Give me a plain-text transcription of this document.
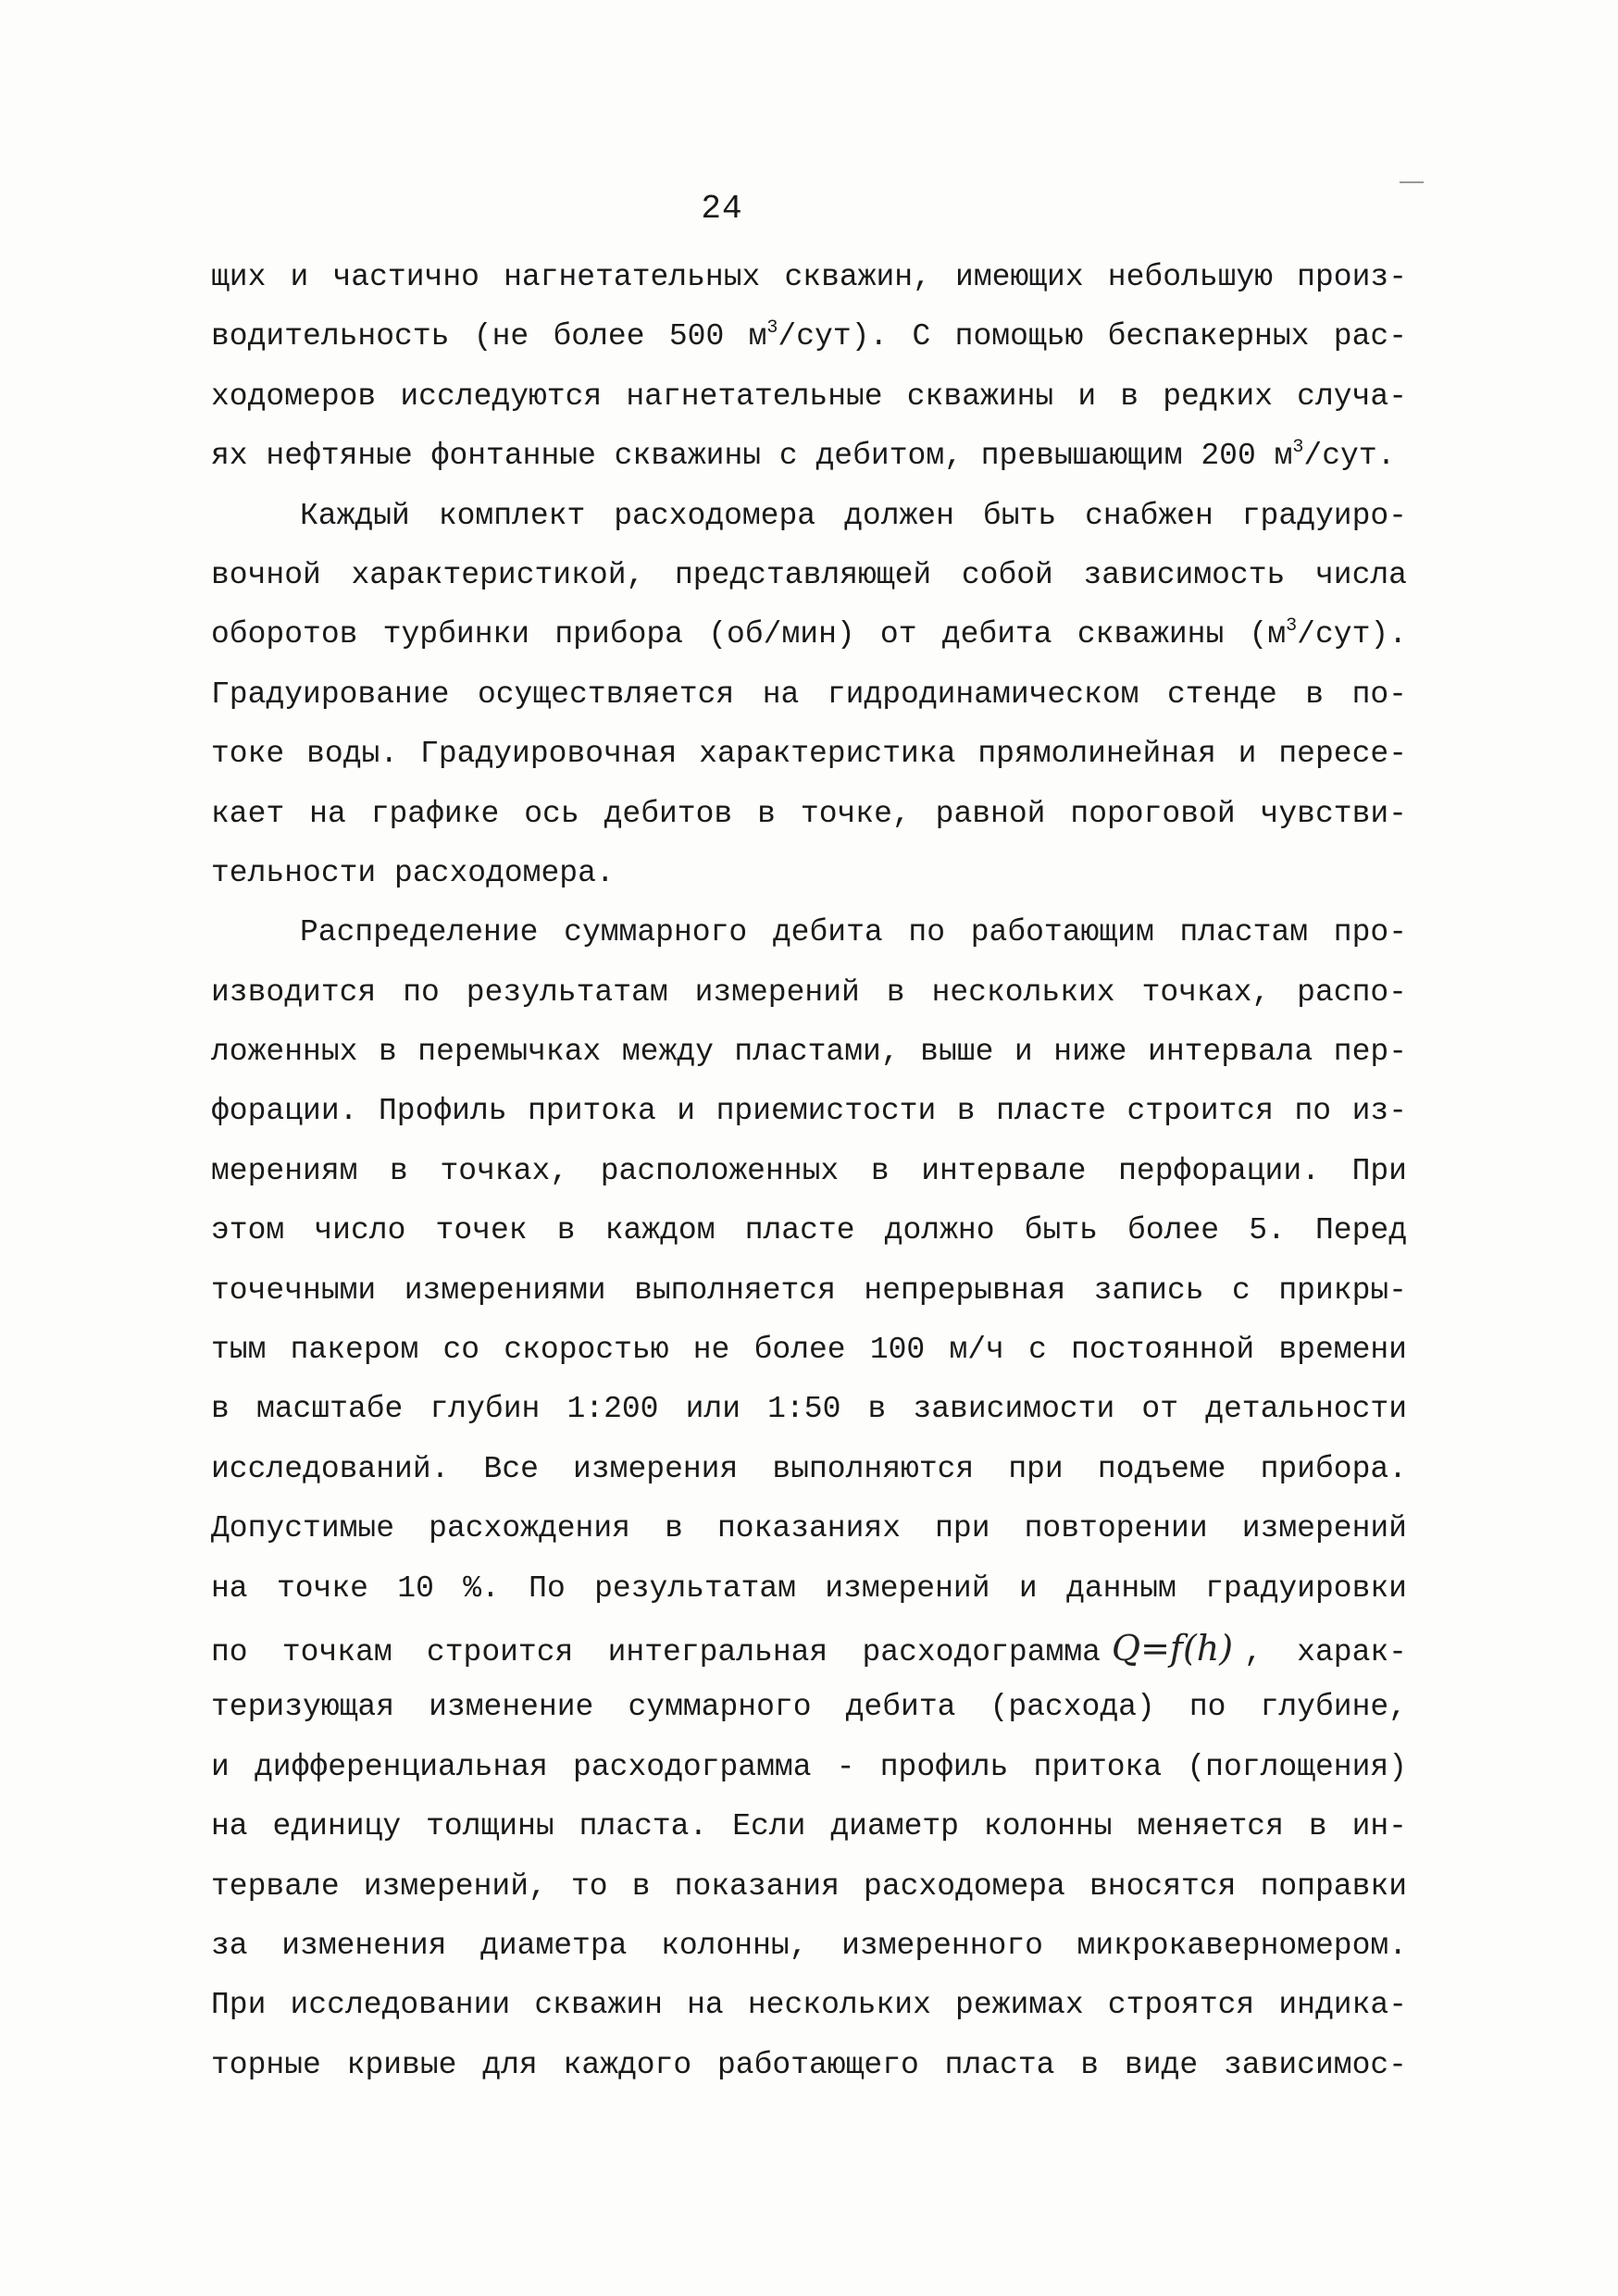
24
щих и частично нагнетательных скважин, имеющих небольшую произ-
водительность (не более 500 $м^3/сут$). С помощью беспакерных рас-
ходомеров исследуются нагнетательные скважины и в редких случа-
ях нефтяные фонтанные скважины с дебитом, превышающим 200 $м^3$/сут.
Каждый комплект расходомера должен быть снабжен градуиро-
вочной характеристикой, представляющей собой зависимость числа
оборотов турбинки прибора (об/мин) от дебита скважины $(м^3/сут)$.
Градуирование осуществляется на гидродинамическом стенде в по-
токе воды. Градуировочная характеристика прямолинейная и пересе-
кает на графике ось дебитов в точке, равной пороговой чувстви-
тельности расходомера.
Распределение суммарного дебита по работающим пластам про-
изводится по результатам измерений в нескольких точках, распо-
ложенных в перемычках между пластами, выше и ниже интервала пер-
форации. Профиль притока и приемистости в пласте строится по из-
мерениям в точках, расположенных в интервале перфорации. При
этом число точек в каждом пласте должно быть более 5. Перед
точечными измерениями выполняется непрерывная запись с прикры-
тым пакером со скоростью не более 100 м/ч с постоянной времени
в масштабе глубин 1:200 или 1:50 в зависимости от детальности
исследований. Все измерения выполняются при подъеме прибора.
Допустимые расхождения в показаниях при повторении измерений
на точке 10 %. По результатам измерений и данным градуировки
по точкам строится интегральная расходограмма Q=f(h) , харак-
теризующая изменение суммарного дебита (расхода) по глубине,
и дифференциальная расходограмма - профиль притока (поглощения)
на единицу толщины пласта. Если диаметр колонны меняется в ин-
тервале измерений, то в показания расходомера вносятся поправки
за изменения диаметра колонны, измеренного микрокаверномером.
При исследовании скважин на нескольких режимах строятся индика-
торные кривые для каждого работающего пласта в виде зависимос-
